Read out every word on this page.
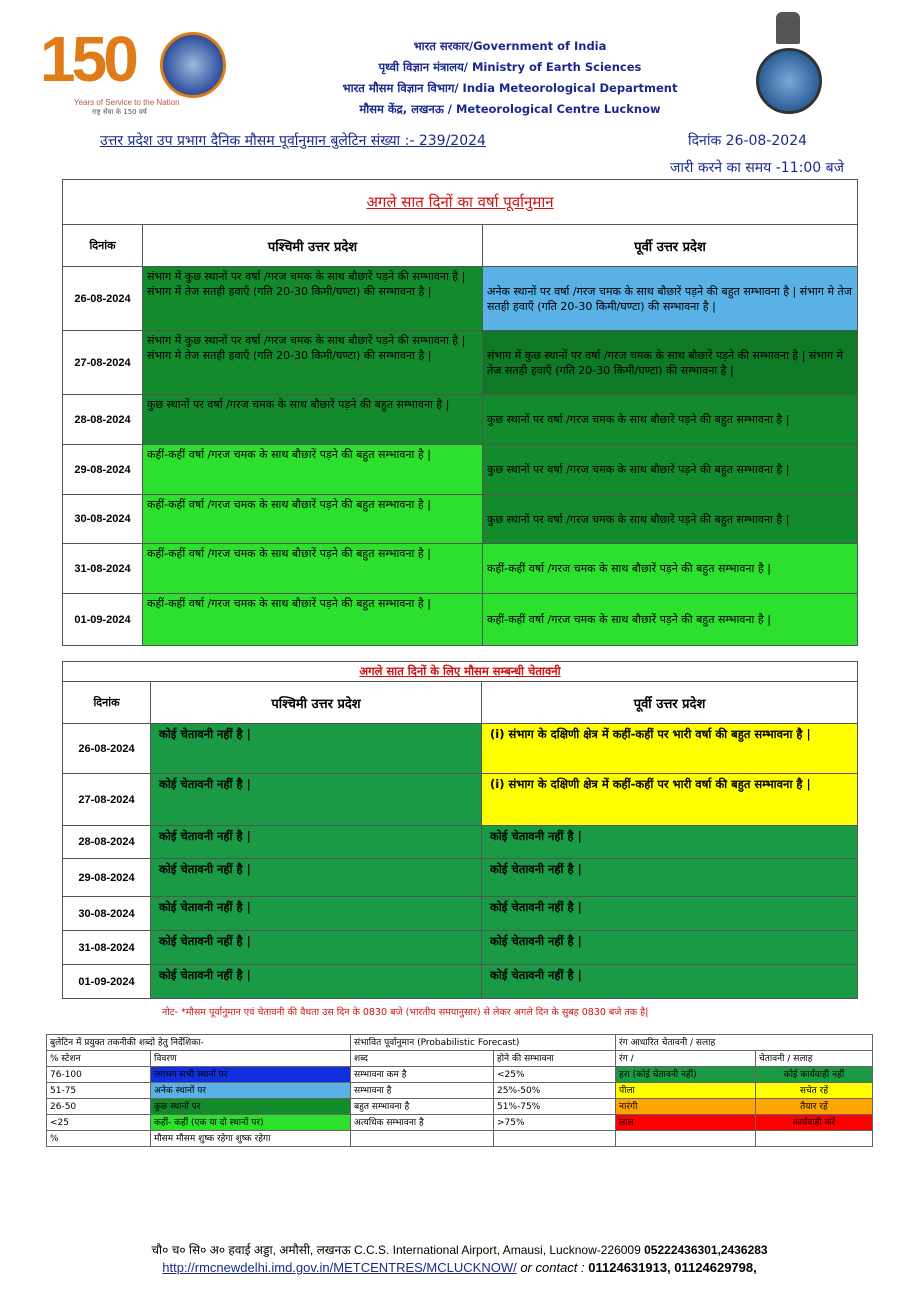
150
Years of Service to the Nation
राष्ट्र सेवा के 150 वर्ष
भारत सरकार/Government of India
पृथ्वी विज्ञान मंत्रालय/ Ministry of Earth Sciences
भारत मौसम विज्ञान विभाग/ India Meteorological Department
मौसम केंद्र, लखनऊ / Meteorological Centre Lucknow
उत्तर प्रदेश उप प्रभाग दैनिक मौसम पूर्वानुमान बुलेटिन संख्या :- 239/2024	दिनांक 26-08-2024
जारी करने का समय -11:00 बजे
अगले सात दिनों का वर्षा पूर्वानुमान		
दिनांक	पश्चिमी उत्तर प्रदेश	पूर्वी उत्तर प्रदेश
26-08-2024	संभाग में कुछ स्थानों पर वर्षा /गरज चमक के साथ बौछारें पड़ने की सम्भावना है | संभाग में तेज सतही हवाएँ (गति 20-30 किमी/घण्टा) की सम्भावना है |	अनेक स्थानों पर वर्षा /गरज चमक के साथ बौछारें पड़ने की बहुत सम्भावना है | संभाग मे तेज सतही हवाएँ (गति 20-30 किमी/घण्टा) की सम्भावना है |
27-08-2024	संभाग में कुछ स्थानों पर वर्षा /गरज चमक के साथ बौछारें पड़ने की सम्भावना है | संभाग मे तेज सतही हवाएँ (गति 20-30 किमी/घण्टा) की सम्भावना है |	संभाग में कुछ स्थानों पर वर्षा /गरज चमक के साथ बौछारें पड़ने की सम्भावना है | संभाग मे तेज सतही हवाएँ (गति 20-30 किमी/घण्टा) की सम्भावना है |
28-08-2024	कुछ स्थानों पर वर्षा /गरज चमक के साथ बौछारें पड़ने की बहुत सम्भावना है |	कुछ स्थानों पर वर्षा /गरज चमक के साथ बौछारें पड़ने की बहुत सम्भावना है |
29-08-2024	कहीं-कहीं वर्षा /गरज चमक के साथ बौछारें पड़ने की बहुत सम्भावना है |	कुछ स्थानों पर वर्षा /गरज चमक के साथ बौछारें पड़ने की बहुत सम्भावना है |
30-08-2024	कहीं-कहीं वर्षा /गरज चमक के साथ बौछारें पड़ने की बहुत सम्भावना है |	कुछ स्थानों पर वर्षा /गरज चमक के साथ बौछारें पड़ने की बहुत सम्भावना है |
31-08-2024	कहीं-कहीं वर्षा /गरज चमक के साथ बौछारें पड़ने की बहुत सम्भावना है |	कहीं-कहीं वर्षा /गरज चमक के साथ बौछारें पड़ने की बहुत सम्भावना है |
01-09-2024	कहीं-कहीं वर्षा /गरज चमक के साथ बौछारें पड़ने की बहुत सम्भावना है |	कहीं-कहीं वर्षा /गरज चमक के साथ बौछारें पड़ने की बहुत सम्भावना है |
अगले सात दिनों के लिए मौसम सम्बन्धी चेतावनी		
दिनांक	पश्चिमी उत्तर प्रदेश	पूर्वी उत्तर प्रदेश
26-08-2024	कोई चेतावनी नहीं है |	(i) संभाग के दक्षिणी क्षेत्र में कहीं-कहीं पर भारी वर्षा की बहुत सम्भावना है |
27-08-2024	कोई चेतावनी नहीं है |	(i) संभाग के दक्षिणी क्षेत्र में कहीं-कहीं पर भारी वर्षा की बहुत सम्भावना है |
28-08-2024	कोई चेतावनी नहीं है |	कोई चेतावनी नहीं है |
29-08-2024	कोई चेतावनी नहीं है |	कोई चेतावनी नहीं है |
30-08-2024	कोई चेतावनी नहीं है |	कोई चेतावनी नहीं है |
31-08-2024	कोई चेतावनी नहीं है |	कोई चेतावनी नहीं है |
01-09-2024	कोई चेतावनी नहीं है |	कोई चेतावनी नहीं है |
नोट- *मौसम पूर्वानुमान एवं चेतावनी की वैधता उस दिन के 0830 बजे (भारतीय समयानुसार) से लेकर अगले दिन के सुबह 0830 बजे तक है|
बुलेटिन में प्रयुक्त तकनीकी शब्दो हेतु निर्देशिका-		संभावित पूर्वानुमान (Probabilistic Forecast)		रंग आधारित चेतावनी / सलाह	
% स्टेशन	विवरण	शब्द	होने की सम्भावना	रंग /	चेतावनी / सलाह
76-100	लगभग सभी स्थानों पर	सम्भावना कम है	<25%	हरा (कोई चेतावनी नहीं)	कोई कार्यवाही नहीं
51-75	अनेक स्थानों पर	सम्भावना है	25%-50%	पीला	सचेत रहें
26-50	कुछ स्थानों पर	बहुत सम्भावना है	51%-75%	नारंगी	तैयार रहें
<25	कहीं- कहीं (एक या दो स्थानों पर)	अत्यधिक सम्भावना है	>75%	लाल	कार्यवाही करें
%	मौसम मौसम शुष्क रहेगा शुष्क रहेगा				
चौ० च० सि० अ० हवाई अड्डा, अमौसी, लखनऊ C.C.S. International Airport, Amausi, Lucknow-226009 05222436301,2436283
http://rmcnewdelhi.imd.gov.in/METCENTRES/MCLUCKNOW/ or contact : 01124631913, 01124629798,
